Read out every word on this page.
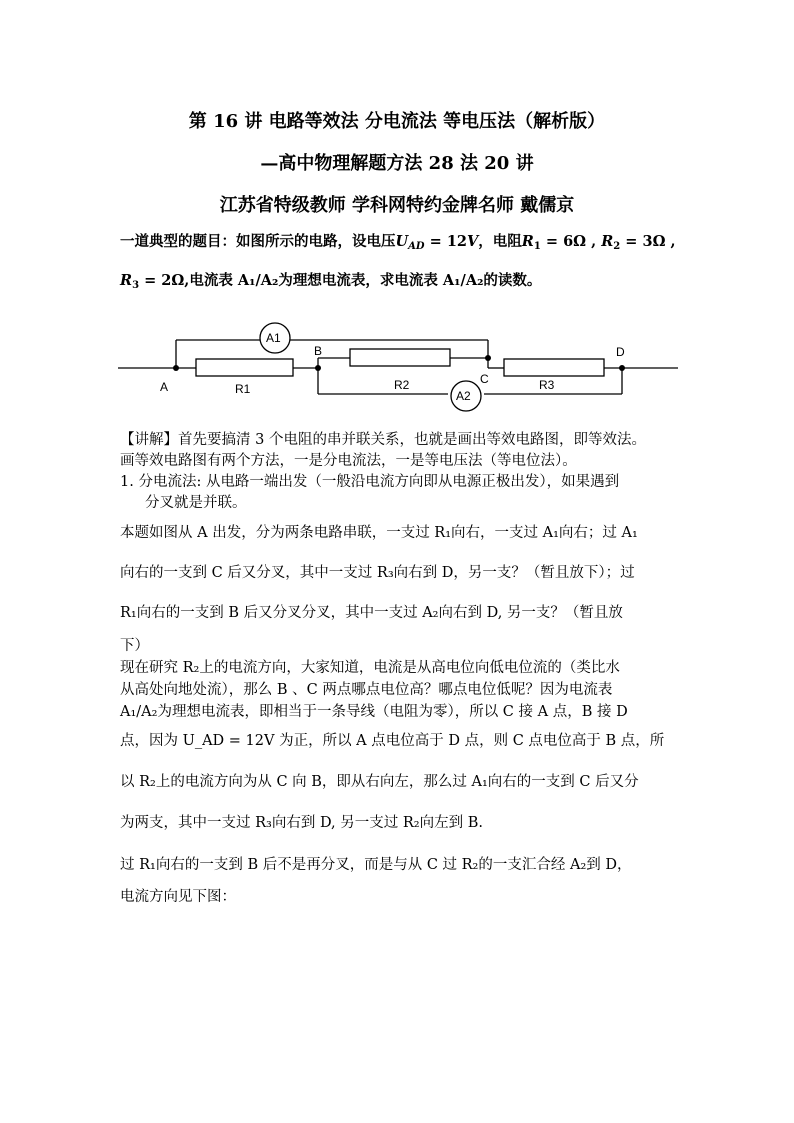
第 16 讲 电路等效法 分电流法 等电压法（解析版）
—高中物理解题方法 28 法 20 讲
江苏省特级教师 学科网特约金牌名师 戴儒京
一道典型的题目：如图所示的电路，设电压$U_{AD} = 12V$，电阻$R_1 = 6\Omega$ , $R_2 = 3\Omega$ ,
$R_3 = 2\Omega$,电流表 A₁/A₂为理想电流表，求电流表 A₁/A₂的读数。
A1
A2
R1	R2	R3
A
B
C
D
【讲解】首先要搞清 3 个电阻的串并联关系，也就是画出等效电路图，即等效法。
画等效电路图有两个方法，一是分电流法，一是等电压法（等电位法）。
1. 分电流法: 从电路一端出发（一般沿电流方向即从电源正极出发），如果遇到
分叉就是并联。
本题如图从 A 出发，分为两条电路串联，一支过 R₁向右，一支过 A₁向右；过 A₁
向右的一支到 C 后又分叉，其中一支过 R₃向右到 D，另一支？（暂且放下）；过
R₁向右的一支到 B 后又分叉分叉，其中一支过 A₂向右到 D, 另一支？（暂且放
下）
现在研究 R₂上的电流方向，大家知道，电流是从高电位向低电位流的（类比水
从高处向地处流），那么 B 、C 两点哪点电位高？哪点电位低呢？因为电流表
A₁/A₂为理想电流表，即相当于一条导线（电阻为零），所以 C 接 A 点，B 接 D
点，因为 U_AD = 12V 为正，所以 A 点电位高于 D 点，则 C 点电位高于 B 点，所
以 R₂上的电流方向为从 C 向 B，即从右向左，那么过 A₁向右的一支到 C 后又分
为两支，其中一支过 R₃向右到 D, 另一支过 R₂向左到 B.
过 R₁向右的一支到 B 后不是再分叉，而是与从 C 过 R₂的一支汇合经 A₂到 D，
电流方向见下图：
